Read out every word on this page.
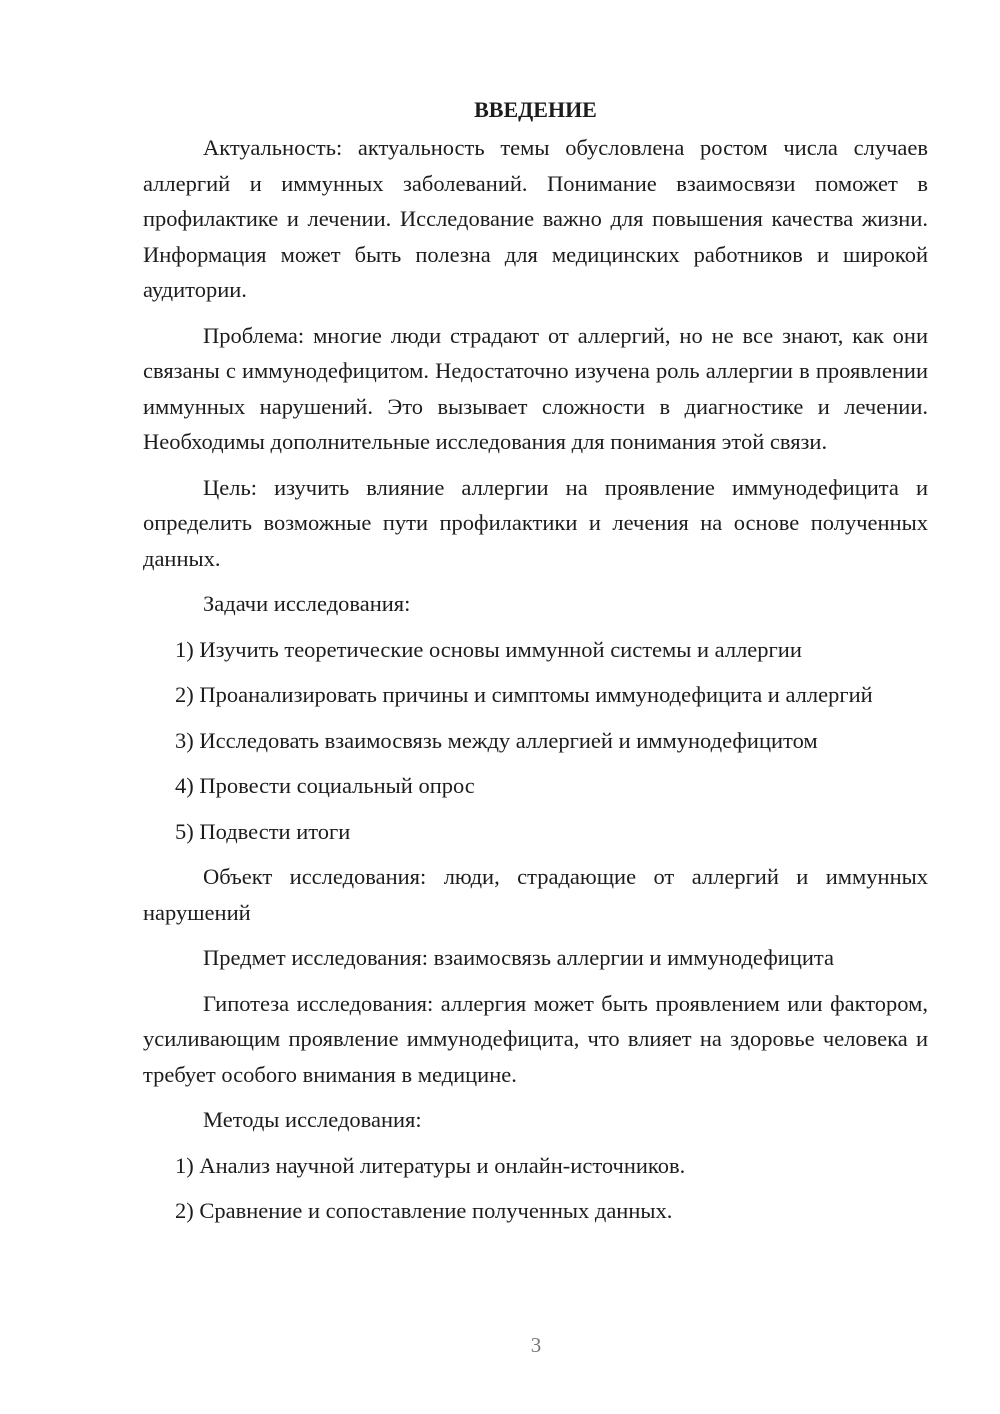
ВВЕДЕНИЕ

Актуальность: актуальность темы обусловлена ростом числа случаев аллергий и иммунных заболеваний. Понимание взаимосвязи поможет в профилактике и лечении. Исследование важно для повышения качества жизни. Информация может быть полезна для медицинских работников и широкой аудитории.

Проблема: многие люди страдают от аллергий, но не все знают, как они связаны с иммунодефицитом. Недостаточно изучена роль аллергии в проявлении иммунных нарушений. Это вызывает сложности в диагностике и лечении. Необходимы дополнительные исследования для понимания этой связи.

Цель: изучить влияние аллергии на проявление иммунодефицита и определить возможные пути профилактики и лечения на основе полученных данных.

Задачи исследования:

1) Изучить теоретические основы иммунной системы и аллергии

2) Проанализировать причины и симптомы иммунодефицита и аллергий

3) Исследовать взаимосвязь между аллергией и иммунодефицитом

4) Провести социальный опрос

5) Подвести итоги

Объект исследования: люди, страдающие от аллергий и иммунных нарушений

Предмет исследования: взаимосвязь аллергии и иммунодефицита

Гипотеза исследования: аллергия может быть проявлением или фактором, усиливающим проявление иммунодефицита, что влияет на здоровье человека и требует особого внимания в медицине.

Методы исследования:

1) Анализ научной литературы и онлайн-источников.

2) Сравнение и сопоставление полученных данных.

3
